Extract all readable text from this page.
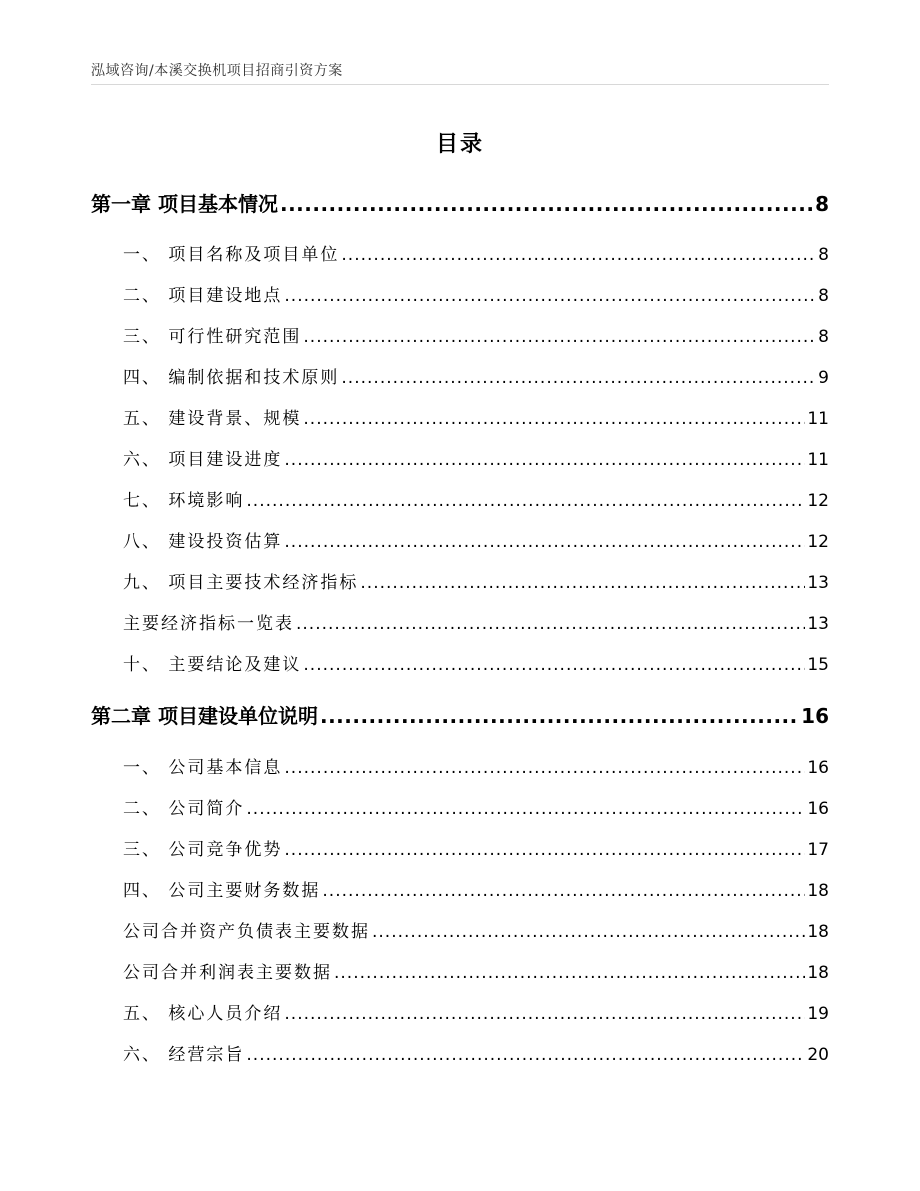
泓域咨询/本溪交换机项目招商引资方案
目录
第一章 项目基本情况 .....	8
一、 项目名称及项目单位 .....	8
二、 项目建设地点 .....	8
三、 可行性研究范围 .....	8
四、 编制依据和技术原则 .....	9
五、 建设背景、规模 .....	11
六、 项目建设进度 .....	11
七、 环境影响 .....	12
八、 建设投资估算 .....	12
九、 项目主要技术经济指标 .....	13
主要经济指标一览表 .....	13
十、 主要结论及建议 .....	15
第二章 项目建设单位说明 .....	16
一、 公司基本信息 .....	16
二、 公司简介 .....	16
三、 公司竞争优势 .....	17
四、 公司主要财务数据 .....	18
公司合并资产负债表主要数据 .....	18
公司合并利润表主要数据 .....	18
五、 核心人员介绍 .....	19
六、 经营宗旨 .....	20
